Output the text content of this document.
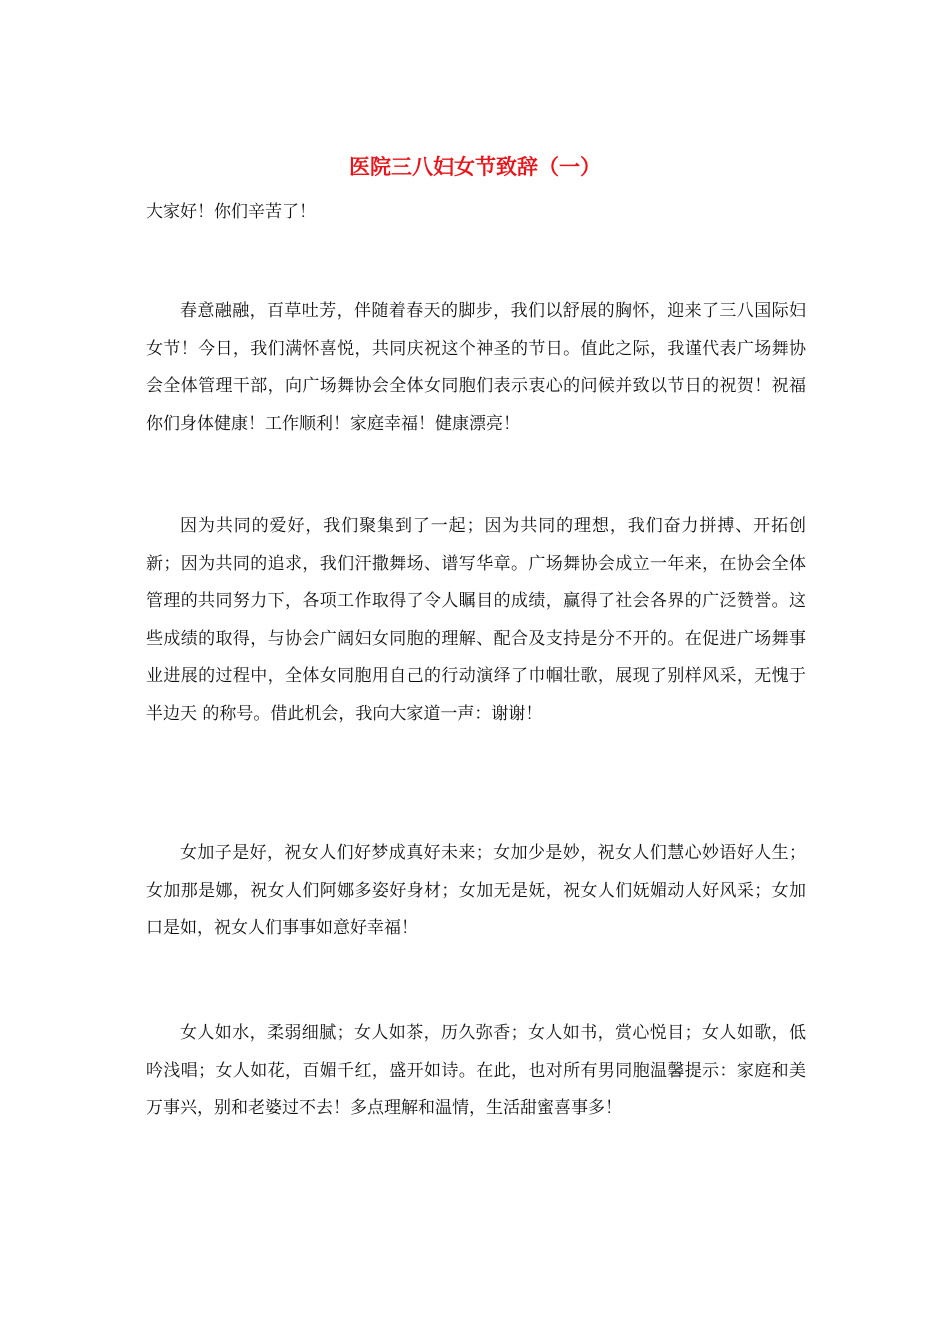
医院三八妇女节致辞（一）

大家好！你们辛苦了！

春意融融，百草吐芳，伴随着春天的脚步，我们以舒展的胸怀，迎来了三八国际妇女节！今日，我们满怀喜悦，共同庆祝这个神圣的节日。值此之际，我谨代表广场舞协会全体管理干部，向广场舞协会全体女同胞们表示衷心的问候并致以节日的祝贺！祝福你们身体健康！工作顺利！家庭幸福！健康漂亮！

因为共同的爱好，我们聚集到了一起；因为共同的理想，我们奋力拼搏、开拓创新；因为共同的追求，我们汗撒舞场、谱写华章。广场舞协会成立一年来，在协会全体管理的共同努力下，各项工作取得了令人瞩目的成绩，赢得了社会各界的广泛赞誉。这些成绩的取得，与协会广阔妇女同胞的理解、配合及支持是分不开的。在促进广场舞事业进展的过程中，全体女同胞用自己的行动演绎了巾帼壮歌，展现了别样风采，无愧于 半边天 的称号。借此机会，我向大家道一声：谢谢！

女加子是好，祝女人们好梦成真好未来；女加少是妙，祝女人们慧心妙语好人生；女加那是娜，祝女人们阿娜多姿好身材；女加无是妩，祝女人们妩媚动人好风采；女加口是如，祝女人们事事如意好幸福！

女人如水，柔弱细腻；女人如茶，历久弥香；女人如书，赏心悦目；女人如歌，低吟浅唱；女人如花，百媚千红，盛开如诗。在此，也对所有男同胞温馨提示：家庭和美万事兴，别和老婆过不去！多点理解和温情，生活甜蜜喜事多！
